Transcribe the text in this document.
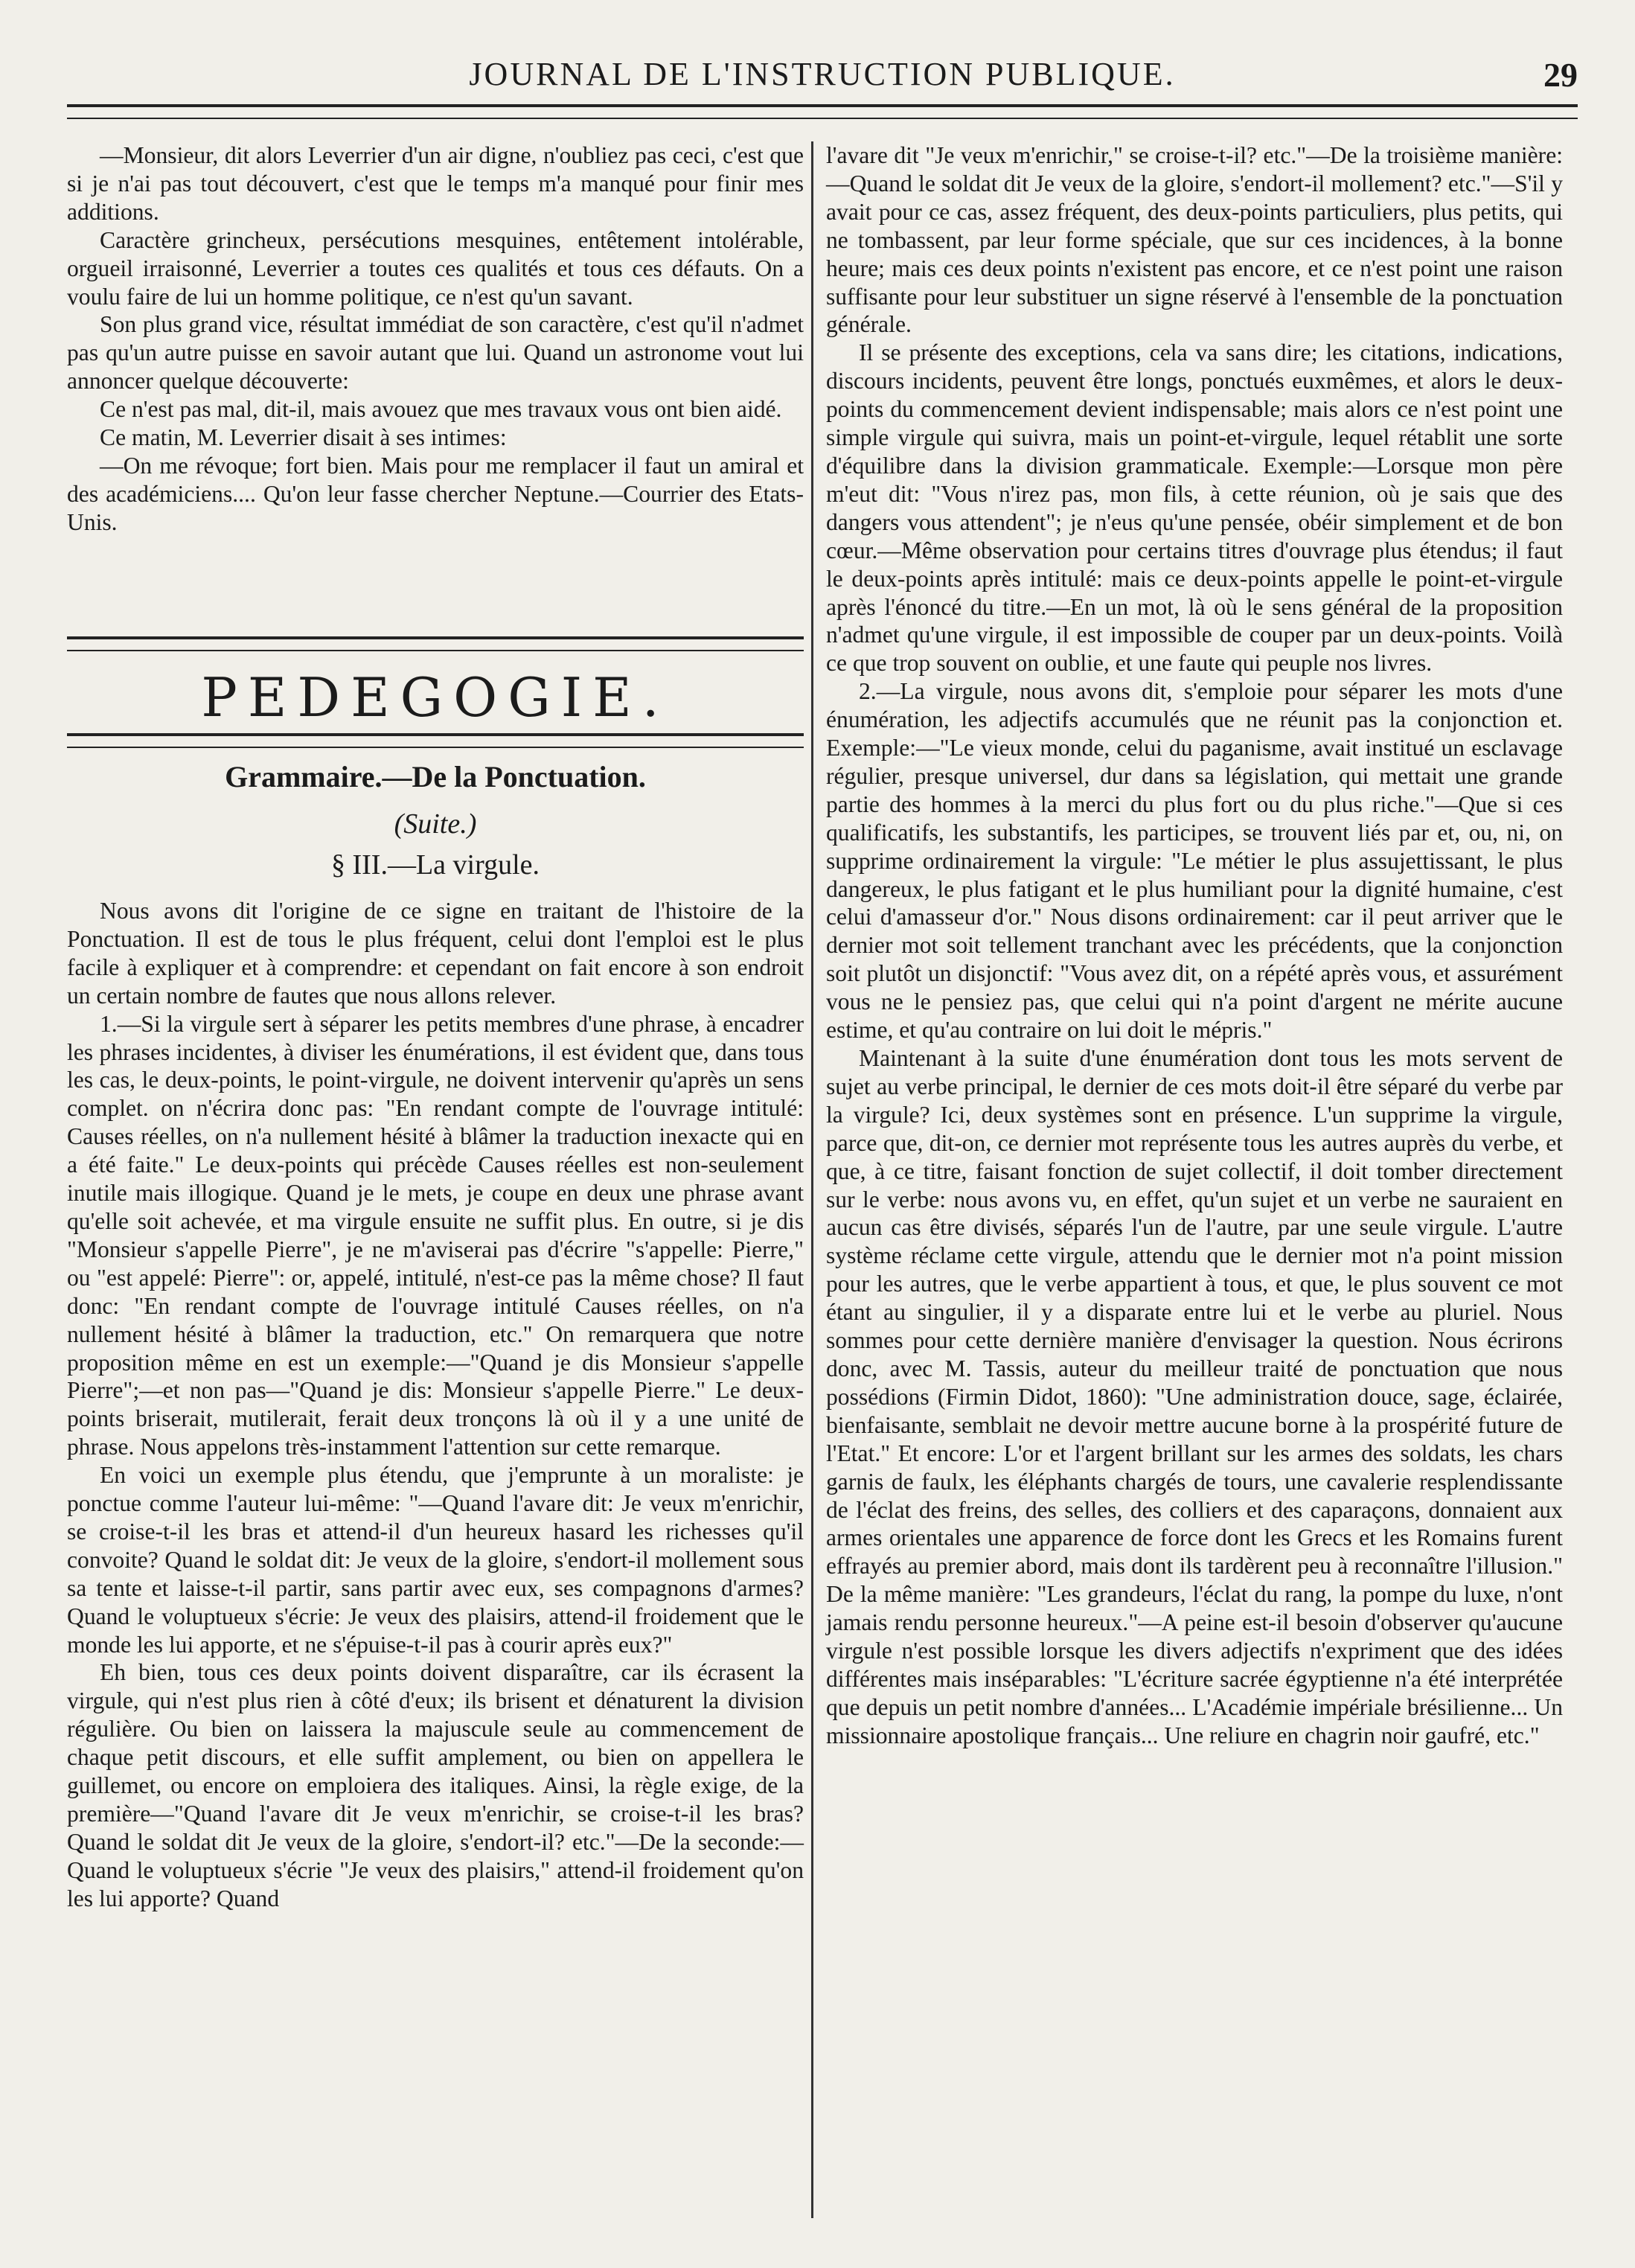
JOURNAL DE L'INSTRUCTION PUBLIQUE.	29

—Monsieur, dit alors Leverrier d'un air digne, n'oubliez pas ceci, c'est que si je n'ai pas tout découvert, c'est que le temps m'a manqué pour finir mes additions.

Caractère grincheux, persécutions mesquines, entêtement intolérable, orgueil irraisonné, Leverrier a toutes ces qualités et tous ces défauts. On a voulu faire de lui un homme politique, ce n'est qu'un savant.

Son plus grand vice, résultat immédiat de son caractère, c'est qu'il n'admet pas qu'un autre puisse en savoir autant que lui. Quand un astronome vout lui annoncer quelque découverte:

Ce n'est pas mal, dit-il, mais avouez que mes travaux vous ont bien aidé.

Ce matin, M. Leverrier disait à ses intimes:

—On me révoque; fort bien. Mais pour me remplacer il faut un amiral et des académiciens.... Qu'on leur fasse chercher Neptune.—Courrier des Etats-Unis.

PEDEGOGIE.
Grammaire.—De la Ponctuation.
(Suite.)
§ III.—La virgule.

Nous avons dit l'origine de ce signe en traitant de l'histoire de la Ponctuation. Il est de tous le plus fréquent, celui dont l'emploi est le plus facile à expliquer et à comprendre: et cependant on fait encore à son endroit un certain nombre de fautes que nous allons relever.

1.—Si la virgule sert à séparer les petits membres d'une phrase, à encadrer les phrases incidentes, à diviser les énumérations, il est évident que, dans tous les cas, le deux-points, le point-virgule, ne doivent intervenir qu'après un sens complet. on n'écrira donc pas: "En rendant compte de l'ouvrage intitulé: Causes réelles, on n'a nullement hésité à blâmer la traduction inexacte qui en a été faite." Le deux-points qui précède Causes réelles est non-seulement inutile mais illogique. Quand je le mets, je coupe en deux une phrase avant qu'elle soit achevée, et ma virgule ensuite ne suffit plus. En outre, si je dis "Monsieur s'appelle Pierre", je ne m'aviserai pas d'écrire "s'appelle: Pierre," ou "est appelé: Pierre": or, appelé, intitulé, n'est-ce pas la même chose? Il faut donc: "En rendant compte de l'ouvrage intitulé Causes réelles, on n'a nullement hésité à blâmer la traduction, etc." On remarquera que notre proposition même en est un exemple:—"Quand je dis Monsieur s'appelle Pierre";—et non pas—"Quand je dis: Monsieur s'appelle Pierre." Le deux-points briserait, mutilerait, ferait deux tronçons là où il y a une unité de phrase. Nous appelons très-instamment l'attention sur cette remarque.

En voici un exemple plus étendu, que j'emprunte à un moraliste: je ponctue comme l'auteur lui-même: "—Quand l'avare dit: Je veux m'enrichir, se croise-t-il les bras et attend-il d'un heureux hasard les richesses qu'il convoite? Quand le soldat dit: Je veux de la gloire, s'endort-il mollement sous sa tente et laisse-t-il partir, sans partir avec eux, ses compagnons d'armes? Quand le voluptueux s'écrie: Je veux des plaisirs, attend-il froidement que le monde les lui apporte, et ne s'épuise-t-il pas à courir après eux?"

Eh bien, tous ces deux points doivent disparaître, car ils écrasent la virgule, qui n'est plus rien à côté d'eux; ils brisent et dénaturent la division régulière. Ou bien on laissera la majuscule seule au commencement de chaque petit discours, et elle suffit amplement, ou bien on appellera le guillemet, ou encore on emploiera des italiques. Ainsi, la règle exige, de la première—"Quand l'avare dit Je veux m'enrichir, se croise-t-il les bras? Quand le soldat dit Je veux de la gloire, s'endort-il? etc."—De la seconde:—Quand le voluptueux s'écrie "Je veux des plaisirs," attend-il froidement qu'on les lui apporte? Quand

l'avare dit "Je veux m'enrichir," se croise-t-il? etc."—De la troisième manière:—Quand le soldat dit Je veux de la gloire, s'endort-il mollement? etc."—S'il y avait pour ce cas, assez fréquent, des deux-points particuliers, plus petits, qui ne tombassent, par leur forme spéciale, que sur ces incidences, à la bonne heure; mais ces deux points n'existent pas encore, et ce n'est point une raison suffisante pour leur substituer un signe réservé à l'ensemble de la ponctuation générale.

Il se présente des exceptions, cela va sans dire; les citations, indications, discours incidents, peuvent être longs, ponctués euxmêmes, et alors le deux-points du commencement devient indispensable; mais alors ce n'est point une simple virgule qui suivra, mais un point-et-virgule, lequel rétablit une sorte d'équilibre dans la division grammaticale. Exemple:—Lorsque mon père m'eut dit: "Vous n'irez pas, mon fils, à cette réunion, où je sais que des dangers vous attendent"; je n'eus qu'une pensée, obéir simplement et de bon cœur.—Même observation pour certains titres d'ouvrage plus étendus; il faut le deux-points après intitulé: mais ce deux-points appelle le point-et-virgule après l'énoncé du titre.—En un mot, là où le sens général de la proposition n'admet qu'une virgule, il est impossible de couper par un deux-points. Voilà ce que trop souvent on oublie, et une faute qui peuple nos livres.

2.—La virgule, nous avons dit, s'emploie pour séparer les mots d'une énumération, les adjectifs accumulés que ne réunit pas la conjonction et. Exemple:—"Le vieux monde, celui du paganisme, avait institué un esclavage régulier, presque universel, dur dans sa législation, qui mettait une grande partie des hommes à la merci du plus fort ou du plus riche."—Que si ces qualificatifs, les substantifs, les participes, se trouvent liés par et, ou, ni, on supprime ordinairement la virgule: "Le métier le plus assujettissant, le plus dangereux, le plus fatigant et le plus humiliant pour la dignité humaine, c'est celui d'amasseur d'or." Nous disons ordinairement: car il peut arriver que le dernier mot soit tellement tranchant avec les précédents, que la conjonction soit plutôt un disjonctif: "Vous avez dit, on a répété après vous, et assurément vous ne le pensiez pas, que celui qui n'a point d'argent ne mérite aucune estime, et qu'au contraire on lui doit le mépris."

Maintenant à la suite d'une énumération dont tous les mots servent de sujet au verbe principal, le dernier de ces mots doit-il être séparé du verbe par la virgule? Ici, deux systèmes sont en présence. L'un supprime la virgule, parce que, dit-on, ce dernier mot représente tous les autres auprès du verbe, et que, à ce titre, faisant fonction de sujet collectif, il doit tomber directement sur le verbe: nous avons vu, en effet, qu'un sujet et un verbe ne sauraient en aucun cas être divisés, séparés l'un de l'autre, par une seule virgule. L'autre système réclame cette virgule, attendu que le dernier mot n'a point mission pour les autres, que le verbe appartient à tous, et que, le plus souvent ce mot étant au singulier, il y a disparate entre lui et le verbe au pluriel. Nous sommes pour cette dernière manière d'envisager la question. Nous écrirons donc, avec M. Tassis, auteur du meilleur traité de ponctuation que nous possédions (Firmin Didot, 1860): "Une administration douce, sage, éclairée, bienfaisante, semblait ne devoir mettre aucune borne à la prospérité future de l'Etat." Et encore: L'or et l'argent brillant sur les armes des soldats, les chars garnis de faulx, les éléphants chargés de tours, une cavalerie resplendissante de l'éclat des freins, des selles, des colliers et des caparaçons, donnaient aux armes orientales une apparence de force dont les Grecs et les Romains furent effrayés au premier abord, mais dont ils tardèrent peu à reconnaître l'illusion." De la même manière: "Les grandeurs, l'éclat du rang, la pompe du luxe, n'ont jamais rendu personne heureux."—A peine est-il besoin d'observer qu'aucune virgule n'est possible lorsque les divers adjectifs n'expriment que des idées différentes mais inséparables: "L'écriture sacrée égyptienne n'a été interprétée que depuis un petit nombre d'années... L'Académie impériale brésilienne... Un missionnaire apostolique français... Une reliure en chagrin noir gaufré, etc."
